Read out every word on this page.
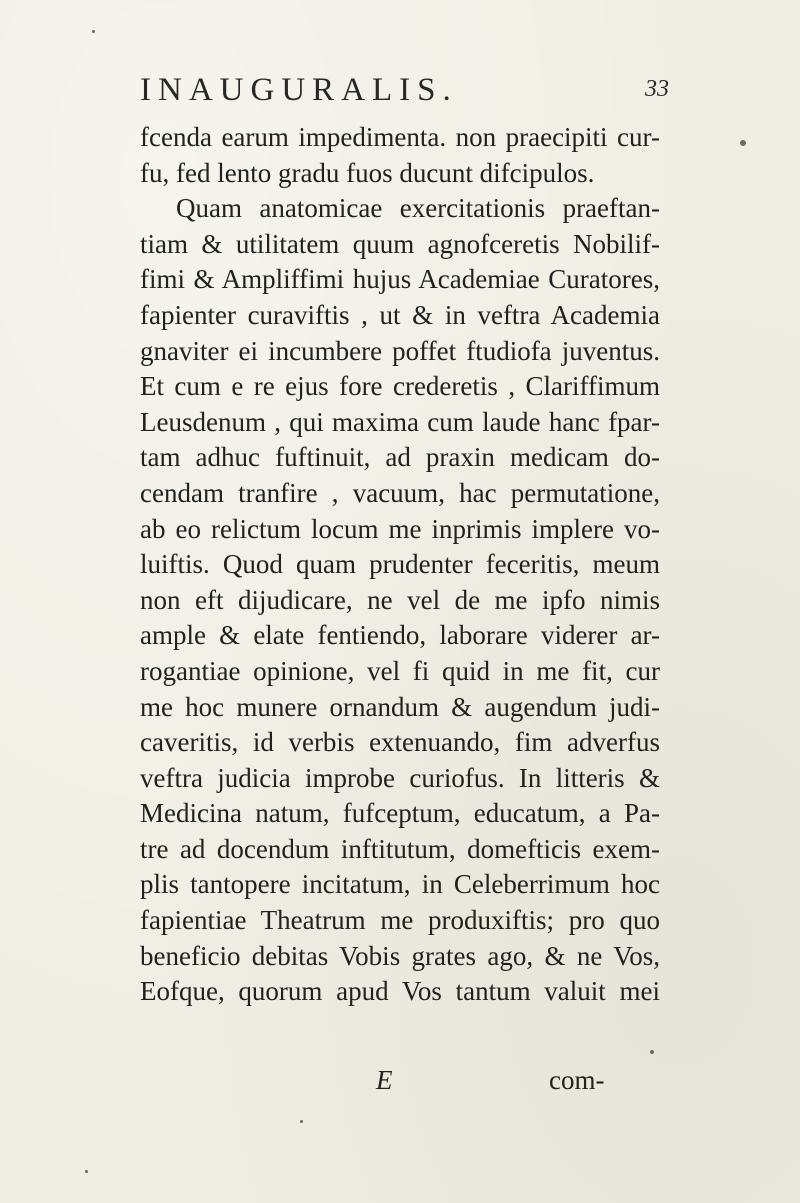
INAUGURALIS.	33
fcenda earum impedimenta. non praecipiti cur-
fu, fed lento gradu fuos ducunt difcipulos.
Quam anatomicae exercitationis praeftan-
tiam & utilitatem quum agnofceretis Nobilif-
fimi & Ampliffimi hujus Academiae Curatores,
fapienter curaviftis , ut & in veftra Academia
gnaviter ei incumbere poffet ftudiofa juventus.
Et cum e re ejus fore crederetis , Clariffimum
Leusdenum , qui maxima cum laude hanc fpar-
tam adhuc fuftinuit, ad praxin medicam do-
cendam tranfire , vacuum, hac permutatione,
ab eo relictum locum me inprimis implere vo-
luiftis. Quod quam prudenter feceritis, meum
non eft dijudicare, ne vel de me ipfo nimis
ample & elate fentiendo, laborare viderer ar-
rogantiae opinione, vel fi quid in me fit, cur
me hoc munere ornandum & augendum judi-
caveritis, id verbis extenuando, fim adverfus
veftra judicia improbe curiofus. In litteris &
Medicina natum, fufceptum, educatum, a Pa-
tre ad docendum inftitutum, domefticis exem-
plis tantopere incitatum, in Celeberrimum hoc
fapientiae Theatrum me produxiftis; pro quo
beneficio debitas Vobis grates ago, & ne Vos,
Eofque, quorum apud Vos tantum valuit mei
E	com-
